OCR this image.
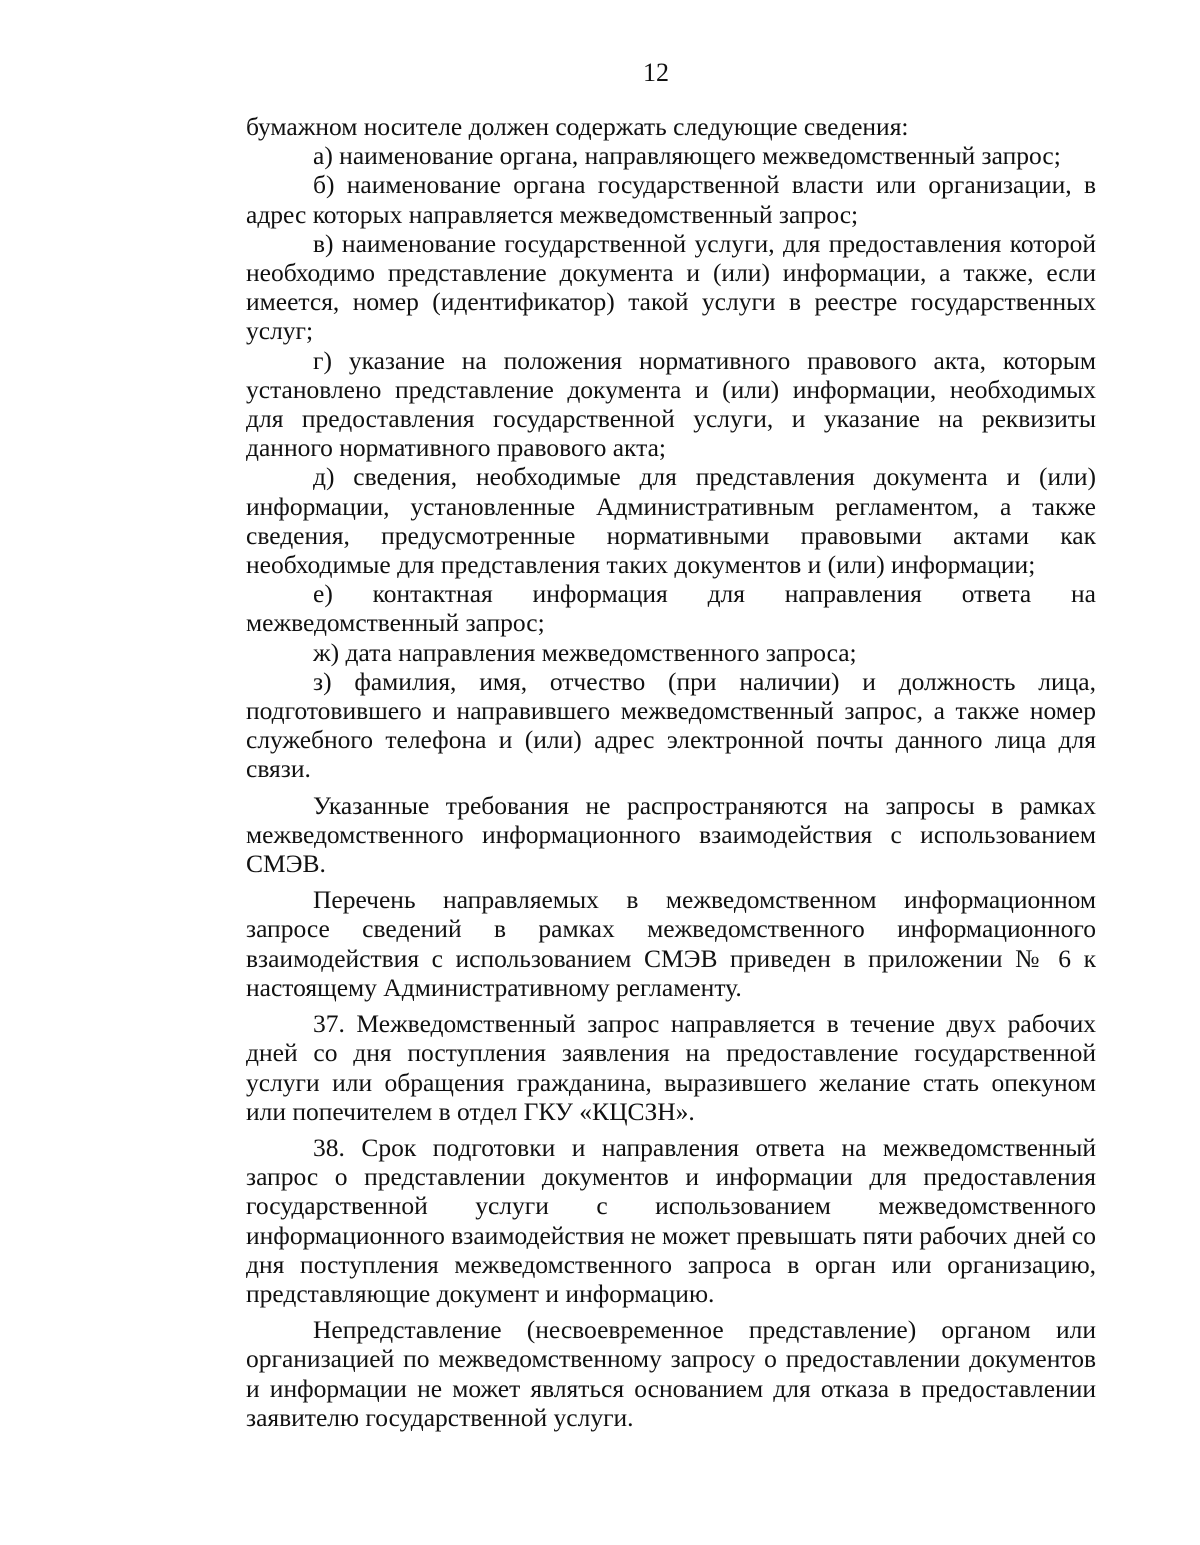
12

бумажном носителе должен содержать следующие сведения:

а) наименование органа, направляющего межведомственный запрос;

б) наименование органа государственной власти или организации, в адрес которых направляется межведомственный запрос;

в) наименование государственной услуги, для предоставления которой необходимо представление документа и (или) информации, а также, если имеется, номер (идентификатор) такой услуги в реестре государственных услуг;

г) указание на положения нормативного правового акта, которым установлено представление документа и (или) информации, необходимых для предоставления государственной услуги, и указание на реквизиты данного нормативного правового акта;

д) сведения, необходимые для представления документа и (или) информации, установленные Административным регламентом, а также сведения, предусмотренные нормативными правовыми актами как необходимые для представления таких документов и (или) информации;

е) контактная информация для направления ответа на межведомственный запрос;

ж) дата направления межведомственного запроса;

з) фамилия, имя, отчество (при наличии) и должность лица, подготовившего и направившего межведомственный запрос, а также номер служебного телефона и (или) адрес электронной почты данного лица для связи.

Указанные требования не распространяются на запросы в рамках межведомственного информационного взаимодействия с использованием СМЭВ.

Перечень направляемых в межведомственном информационном запросе сведений в рамках межведомственного информационного взаимодействия с использованием СМЭВ приведен в приложении № 6 к настоящему Административному регламенту.

37. Межведомственный запрос направляется в течение двух рабочих дней со дня поступления заявления на предоставление государственной услуги или обращения гражданина, выразившего желание стать опекуном или попечителем в отдел ГКУ «КЦСЗН».

38. Срок подготовки и направления ответа на межведомственный запрос о представлении документов и информации для предоставления государственной услуги с использованием межведомственного информационного взаимодействия не может превышать пяти рабочих дней со дня поступления межведомственного запроса в орган или организацию, представляющие документ и информацию.

Непредставление (несвоевременное представление) органом или организацией по межведомственному запросу о предоставлении документов и информации не может являться основанием для отказа в предоставлении заявителю государственной услуги.
